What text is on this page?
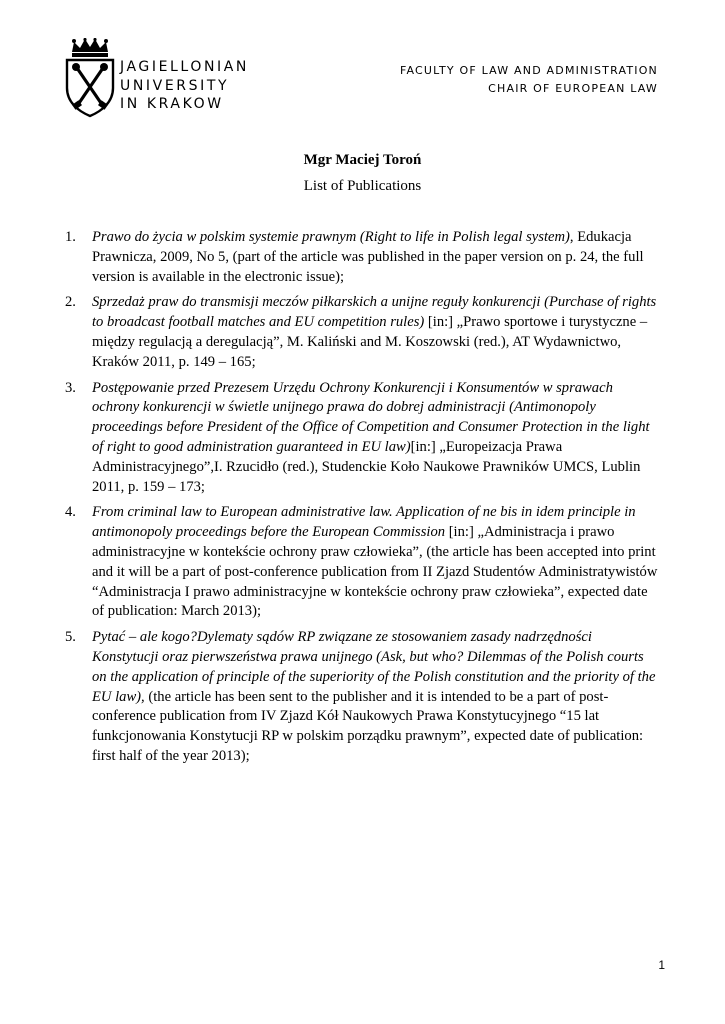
JAGIELLONIAN
UNIVERSITY
IN KRAKOW
FACULTY OF LAW AND ADMINISTRATION
CHAIR OF EUROPEAN LAW
Mgr Maciej Toroń
List of Publications
1. Prawo do życia w polskim systemie prawnym (Right to life in Polish legal system), Edukacja Prawnicza, 2009, No 5, (part of the article was published in the paper version on p. 24, the full version is available in the electronic issue);
2. Sprzedaż praw do transmisji meczów piłkarskich a unijne reguły konkurencji (Purchase of rights to broadcast football matches and EU competition rules) [in:] „Prawo sportowe i turystyczne – między regulacją a deregulacją”, M. Kaliński and M. Koszowski (red.), AT Wydawnictwo, Kraków 2011, p. 149 – 165;
3. Postępowanie przed Prezesem Urzędu Ochrony Konkurencji i Konsumentów w sprawach ochrony konkurencji w świetle unijnego prawa do dobrej administracji (Antimonopoly proceedings before President of the Office of Competition and Consumer Protection in the light of right to good administration guaranteed in EU law)[in:] „Europeizacja Prawa Administracyjnego”,I. Rzucidło (red.), Studenckie Koło Naukowe Prawników UMCS, Lublin 2011, p. 159 – 173;
4. From criminal law to European administrative law. Application of ne bis in idem principle in antimonopoly proceedings before the European Commission [in:] „Administracja i prawo administracyjne w kontekście ochrony praw człowieka”, (the article has been accepted into print and it will be a part of post-conference publication from II Zjazd Studentów Administratywistów “Administracja I prawo administracyjne w kontekście ochrony praw człowieka”, expected date of publication: March 2013);
5. Pytać – ale kogo?Dylematy sądów RP związane ze stosowaniem zasady nadrzędności Konstytucji oraz pierwszeństwa prawa unijnego (Ask, but who? Dilemmas of the Polish courts on the application of principle of the superiority of the Polish constitution and the priority of the EU law), (the article has been sent to the publisher and it is intended to be a part of post-conference publication from IV Zjazd Kół Naukowych Prawa Konstytucyjnego “15 lat funkcjonowania Konstytucji RP w polskim porządku prawnym”, expected date of publication: first half of the year 2013);
1
